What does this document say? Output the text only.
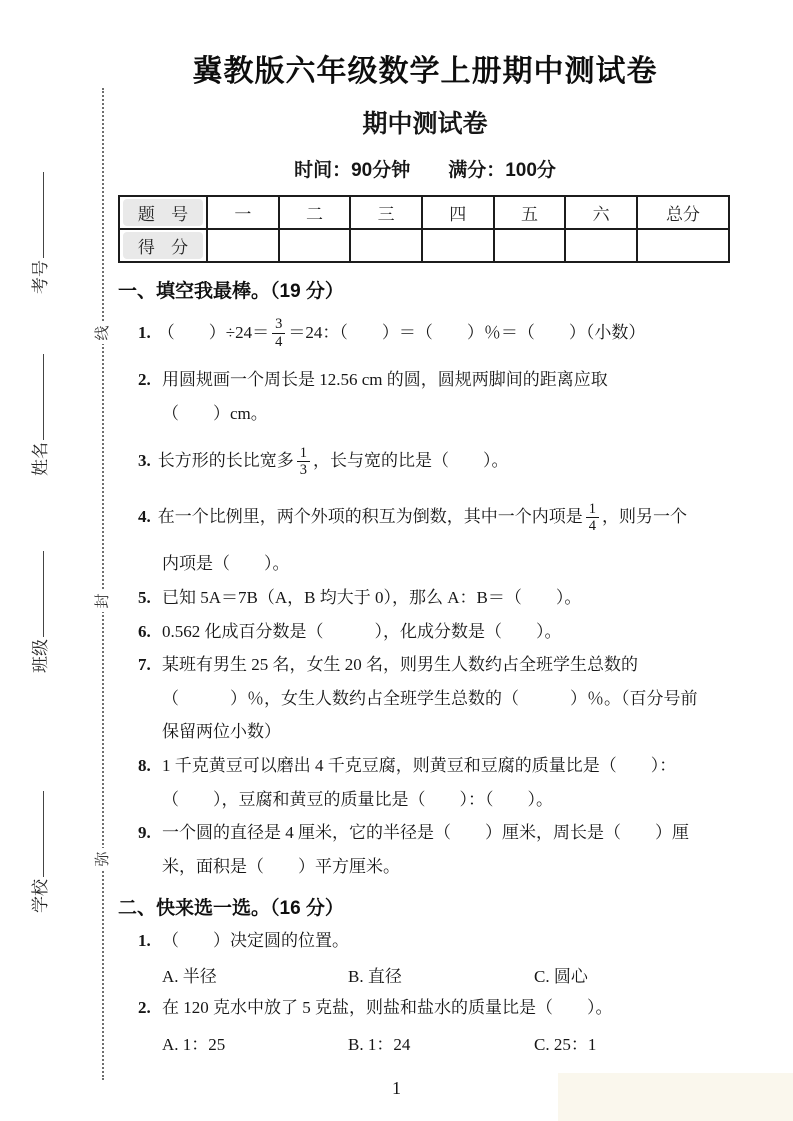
考号
姓名
班级
学校
线
封
弥
冀教版六年级数学上册期中测试卷
期中测试卷
时间：90分钟　　满分：100分
题 号	一	二	三	四	五	六	总分
得 分							
一、填空我最棒。（19 分）
1. （　　）$\div 24= \frac{3}{4} =24$：（　　）＝（　　）％＝（　　）（小数）
2. 用圆规画一个周长是 12.56 cm 的圆，圆规两脚间的距离应取
（　　）cm。
3. 长方形的长比宽多 $\frac{1}{3}$ ，长与宽的比是（　　）。
4. 在一个比例里，两个外项的积互为倒数，其中一个内项是 $\frac{1}{4}$ ，则另一个
内项是（　　）。
5. 已知 5A＝7B（A，B 均大于 0），那么 A：B＝（　　）。
6. 0.562 化成百分数是（　　　），化成分数是（　　）。
7. 某班有男生 25 名，女生 20 名，则男生人数约占全班学生总数的
（　　　）％，女生人数约占全班学生总数的（　　　）％。（百分号前
保留两位小数）
8. 1 千克黄豆可以磨出 4 千克豆腐，则黄豆和豆腐的质量比是（　　）：
（　　），豆腐和黄豆的质量比是（　　）：（　　）。
9. 一个圆的直径是 4 厘米，它的半径是（　　）厘米，周长是（　　）厘
米，面积是（　　）平方厘米。
二、快来选一选。（16 分）
1. （　　）决定圆的位置。
A. 半径	B. 直径	C. 圆心
2. 在 120 克水中放了 5 克盐，则盐和盐水的质量比是（　　）。
A. 1：25	B. 1：24	C. 25：1
1
